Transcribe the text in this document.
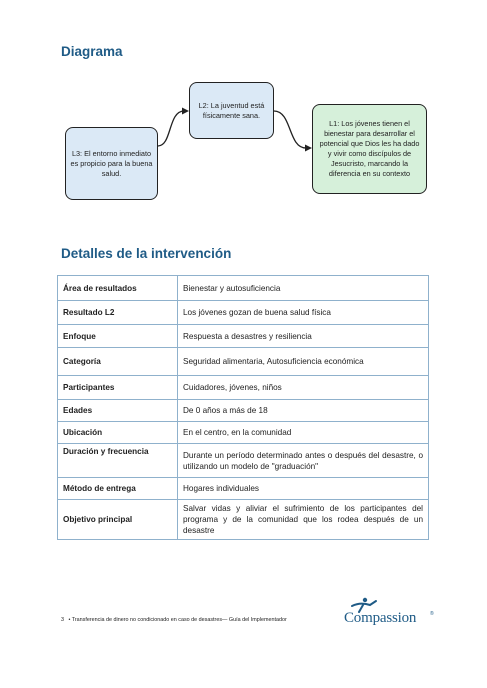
Diagrama
L3: El entorno inmediato es propicio para la buena salud.
L2: La juventud está físicamente sana.
L1: Los jóvenes tienen el bienestar para desarrollar el potencial que Dios les ha dado y vivir como discípulos de Jesucristo, marcando la diferencia en su contexto
Detalles de la intervención
Área de resultados	Bienestar y autosuficiencia
Resultado L2	Los jóvenes gozan de buena salud física
Enfoque	Respuesta a desastres y resiliencia
Categoría	Seguridad alimentaria, Autosuficiencia económica
Participantes	Cuidadores, jóvenes, niños
Edades	De 0 años a más de 18
Ubicación	En el centro, en la comunidad
Duración y frecuencia	Durante un período determinado antes o después del desastre, o utilizando un modelo de "graduación"
Método de entrega	Hogares individuales
Objetivo principal	Salvar vidas y aliviar el sufrimiento de los participantes del programa y de la comunidad que los rodea después de un desastre
3 • Transferencia de dinero no condicionado en caso de desastres— Guía del Implementador	Compassion	®
